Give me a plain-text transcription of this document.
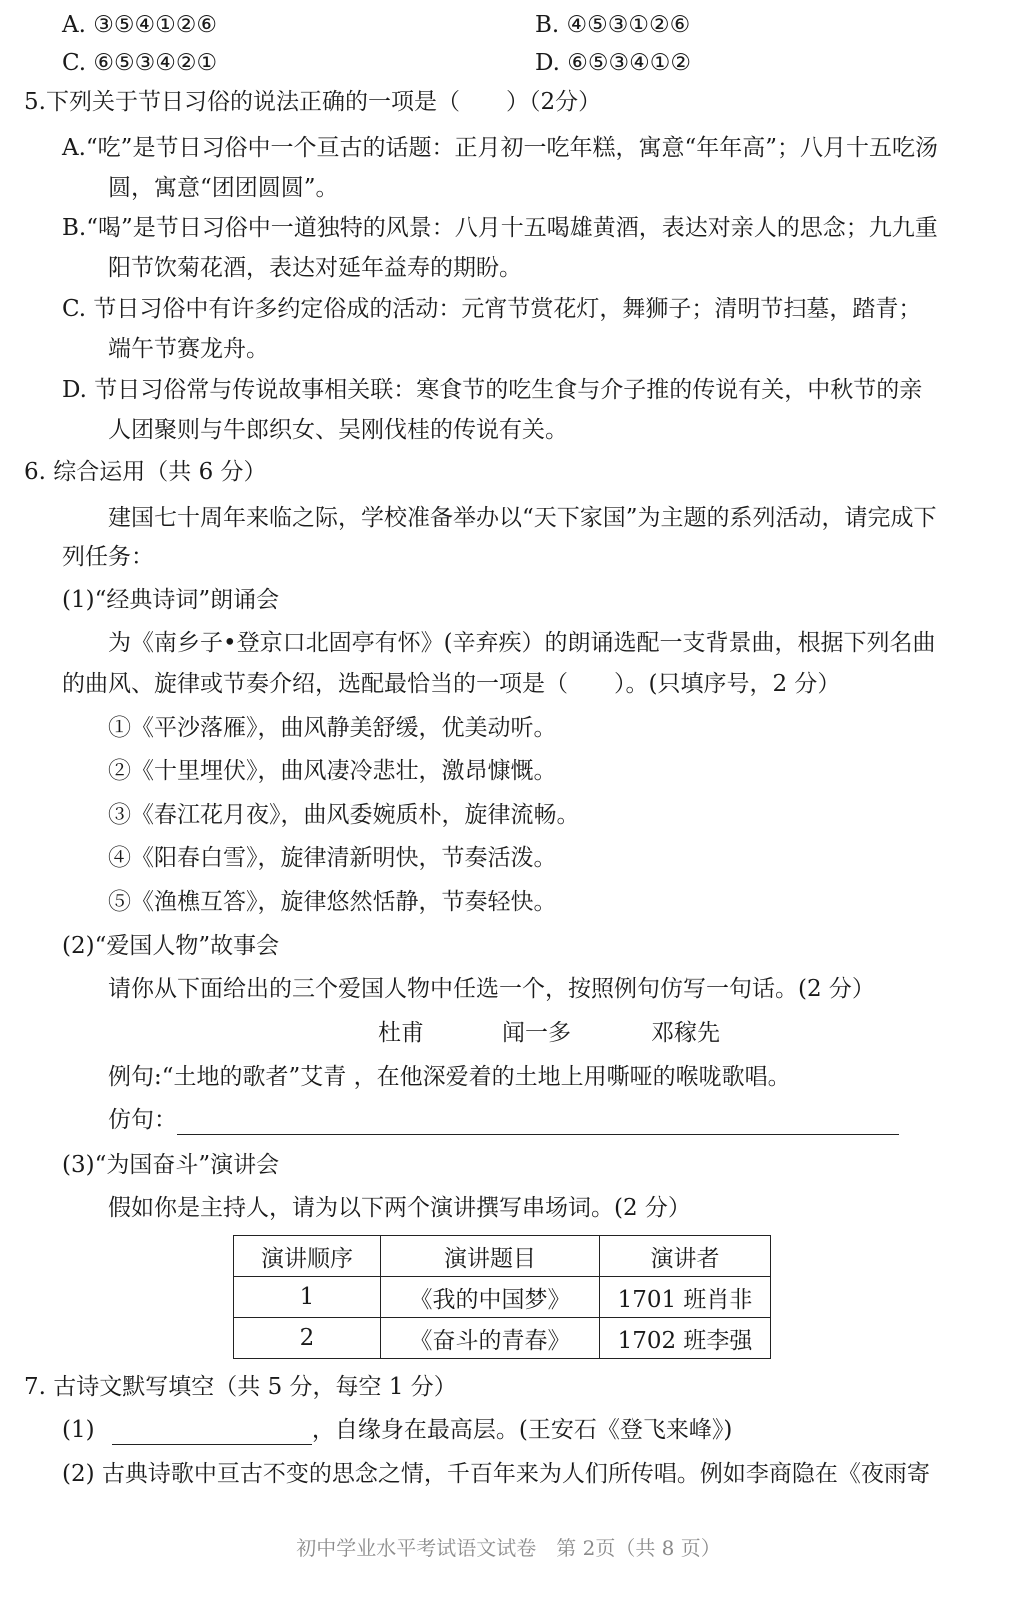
A. ③⑤④①②⑥	B. ④⑤③①②⑥
C. ⑥⑤③④②①	D. ⑥⑤③④①②
5.下列关于节日习俗的说法正确的一项是（　　）（2分）
A.“吃”是节日习俗中一个亘古的话题：正月初一吃年糕，寓意“年年高”；八月十五吃汤
圆，寓意“团团圆圆”。
B.“喝”是节日习俗中一道独特的风景：八月十五喝雄黄酒，表达对亲人的思念；九九重
阳节饮菊花酒，表达对延年益寿的期盼。
C. 节日习俗中有许多约定俗成的活动：元宵节赏花灯，舞狮子；清明节扫墓，踏青；
端午节赛龙舟。
D. 节日习俗常与传说故事相关联：寒食节的吃生食与介子推的传说有关，中秋节的亲
人团聚则与牛郎织女、吴刚伐桂的传说有关。
6. 综合运用（共 6 分）
建国七十周年来临之际，学校准备举办以“天下家国”为主题的系列活动，请完成下
列任务：
(1)“经典诗词”朗诵会
为《南乡子•登京口北固亭有怀》(辛弃疾）的朗诵选配一支背景曲，根据下列名曲
的曲风、旋律或节奏介绍，选配最恰当的一项是（　　）。(只填序号，2 分）
①《平沙落雁》，曲风静美舒缓，优美动听。
②《十里埋伏》，曲风凄冷悲壮，激昂慷慨。
③《春江花月夜》，曲风委婉质朴，旋律流畅。
④《阳春白雪》，旋律清新明快，节奏活泼。
⑤《渔樵互答》，旋律悠然恬静，节奏轻快。
(2)“爱国人物”故事会
请你从下面给出的三个爱国人物中任选一个，按照例句仿写一句话。(2 分）
杜甫	闻一多	邓稼先
例句:“土地的歌者”艾青 ，在他深爱着的土地上用嘶哑的喉咙歌唱。
仿句：
(3)“为国奋斗”演讲会
假如你是主持人，请为以下两个演讲撰写串场词。(2 分）
演讲顺序	演讲题目	演讲者
1	《我的中国梦》	1701 班肖非
2	《奋斗的青春》	1702 班李强
7. 古诗文默写填空（共 5 分，每空 1 分）
(1)	，自缘身在最高层。(王安石《登飞来峰》)
(2) 古典诗歌中亘古不变的思念之情，千百年来为人们所传唱。例如李商隐在《夜雨寄
初中学业水平考试语文试卷　第 2页（共 8 页）
